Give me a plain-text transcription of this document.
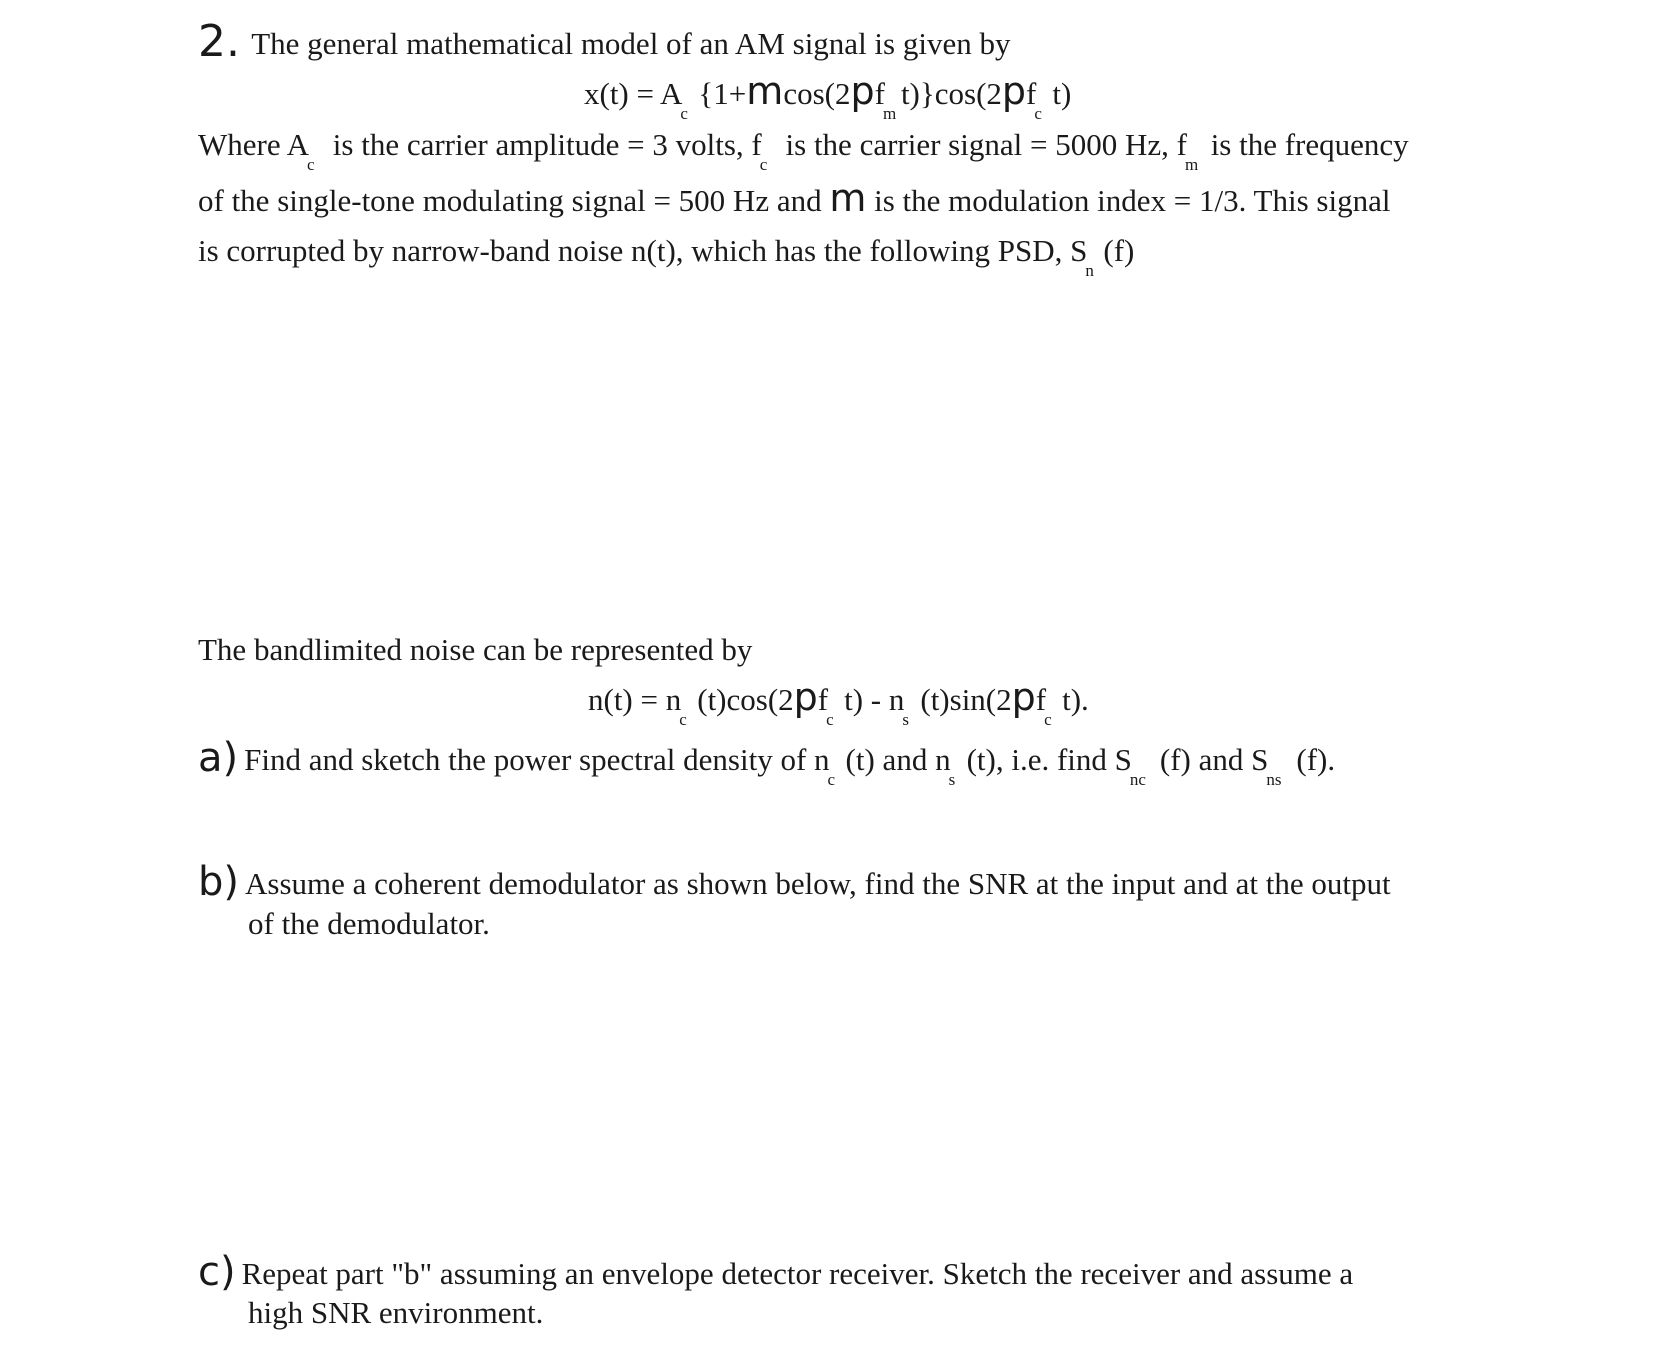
2. The general mathematical model of an AM signal is given by
x(t) = Ac{1+mcos(2pfmt)}cos(2pfct)
Where Ac is the carrier amplitude = 3 volts, fc is the carrier signal = 5000 Hz, fm is the frequency
of the single-tone modulating signal = 500 Hz and m is the modulation index = 1/3. This signal
is corrupted by narrow-band noise n(t), which has the following PSD, Sn(f)
The bandlimited noise can be represented by
n(t) = nc(t)cos(2pfct) - ns(t)sin(2pfct).
a) Find and sketch the power spectral density of nc(t) and ns(t), i.e. find Snc(f) and Sns(f).
b) Assume a coherent demodulator as shown below, find the SNR at the input and at the output
of the demodulator.
c) Repeat part "b" assuming an envelope detector receiver. Sketch the receiver and assume a
high SNR environment.
